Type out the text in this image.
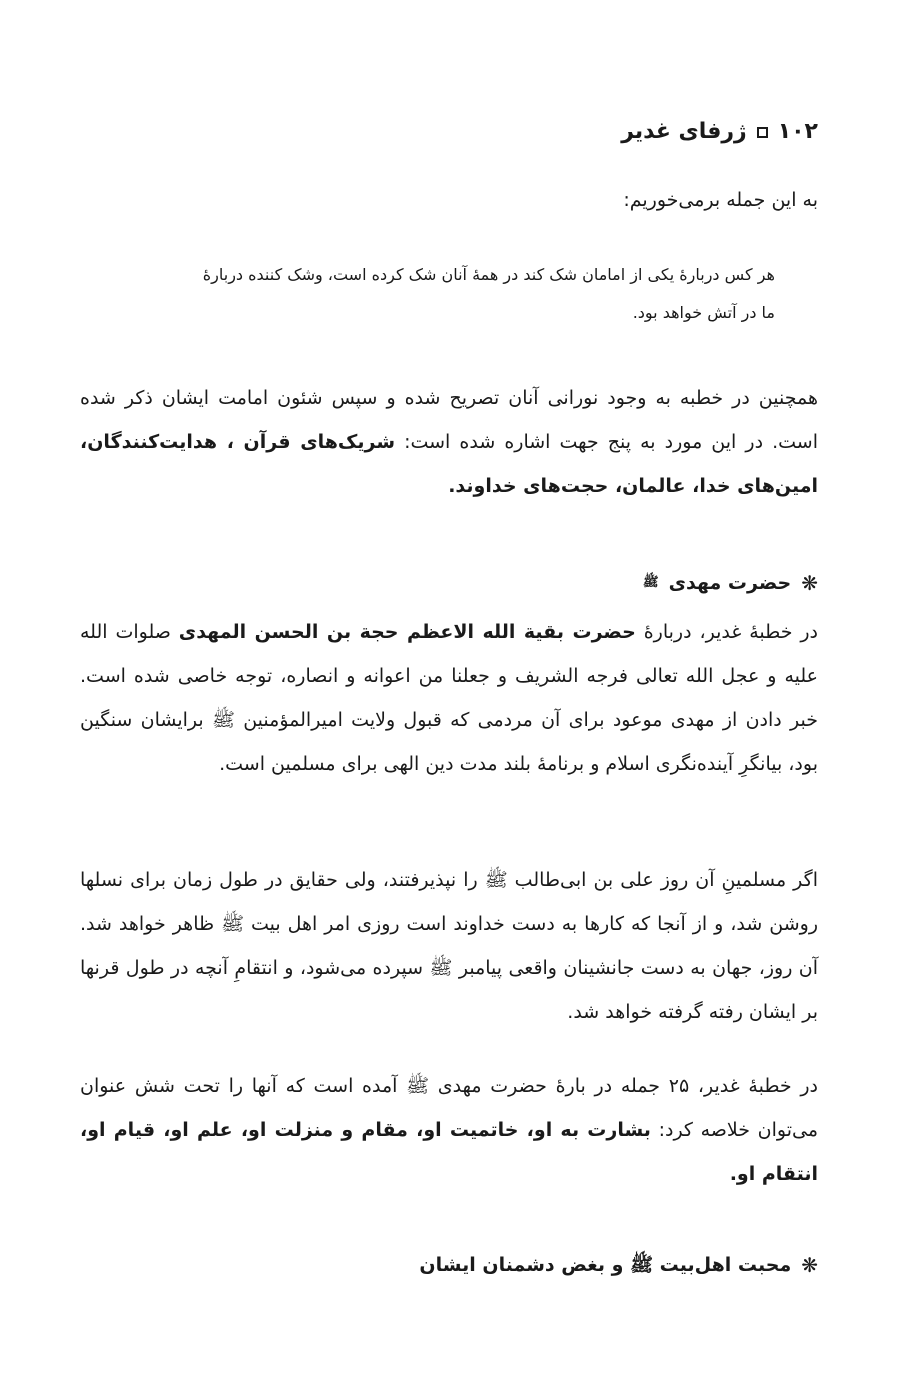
۱۰۲
ژرفای غدیر

به این جمله برمی‌خوریم:

هر کس دربارهٔ یکی از امامان شک کند در همهٔ آنان شک کرده است، وشک کننده دربارهٔ ما در آتش خواهد بود.

همچنین در خطبه به وجود نورانی آنان تصریح شده و سپس شئون امامت ایشان ذکر شده است. در این مورد به پنج جهت اشاره شده است: شریک‌های قرآن ، هدایت‌کنندگان، امین‌های خدا، عالمان، حجت‌های خداوند.

❋
حضرت مهدی
ﷺ

در خطبهٔ غدیر، دربارهٔ حضرت بقیة الله الاعظم حجة بن الحسن المهدی صلوات الله علیه و عجل الله تعالی فرجه الشریف و جعلنا من اعوانه و انصاره، توجه خاصی شده است. خبر دادن از مهدی موعود برای آن مردمی که قبول ولایت امیرالمؤمنین ﷺ برایشان سنگین بود، بیانگرِ آینده‌نگری اسلام و برنامهٔ بلند مدت دین الهی برای مسلمین است.

اگر مسلمینِ آن روز علی بن ابی‌طالب ﷺ را نپذیرفتند، ولی حقایق در طول زمان برای نسلها روشن شد، و از آنجا که کارها به دست خداوند است روزی امر اهل بیت ﷺ ظاهر خواهد شد. آن روز، جهان به دست جانشینان واقعی پیامبر ﷺ سپرده می‌شود، و انتقامِ آنچه در طول قرنها بر ایشان رفته گرفته خواهد شد.

در خطبهٔ غدیر، ۲۵ جمله در بارهٔ حضرت مهدی ﷺ آمده است که آنها را تحت شش عنوان می‌توان خلاصه کرد: بشارت به او، خاتمیت او، مقام و منزلت او، علم او، قیام او، انتقام او.

❋
محبت اهل‌بیت ﷺ و بغض دشمنان ایشان
